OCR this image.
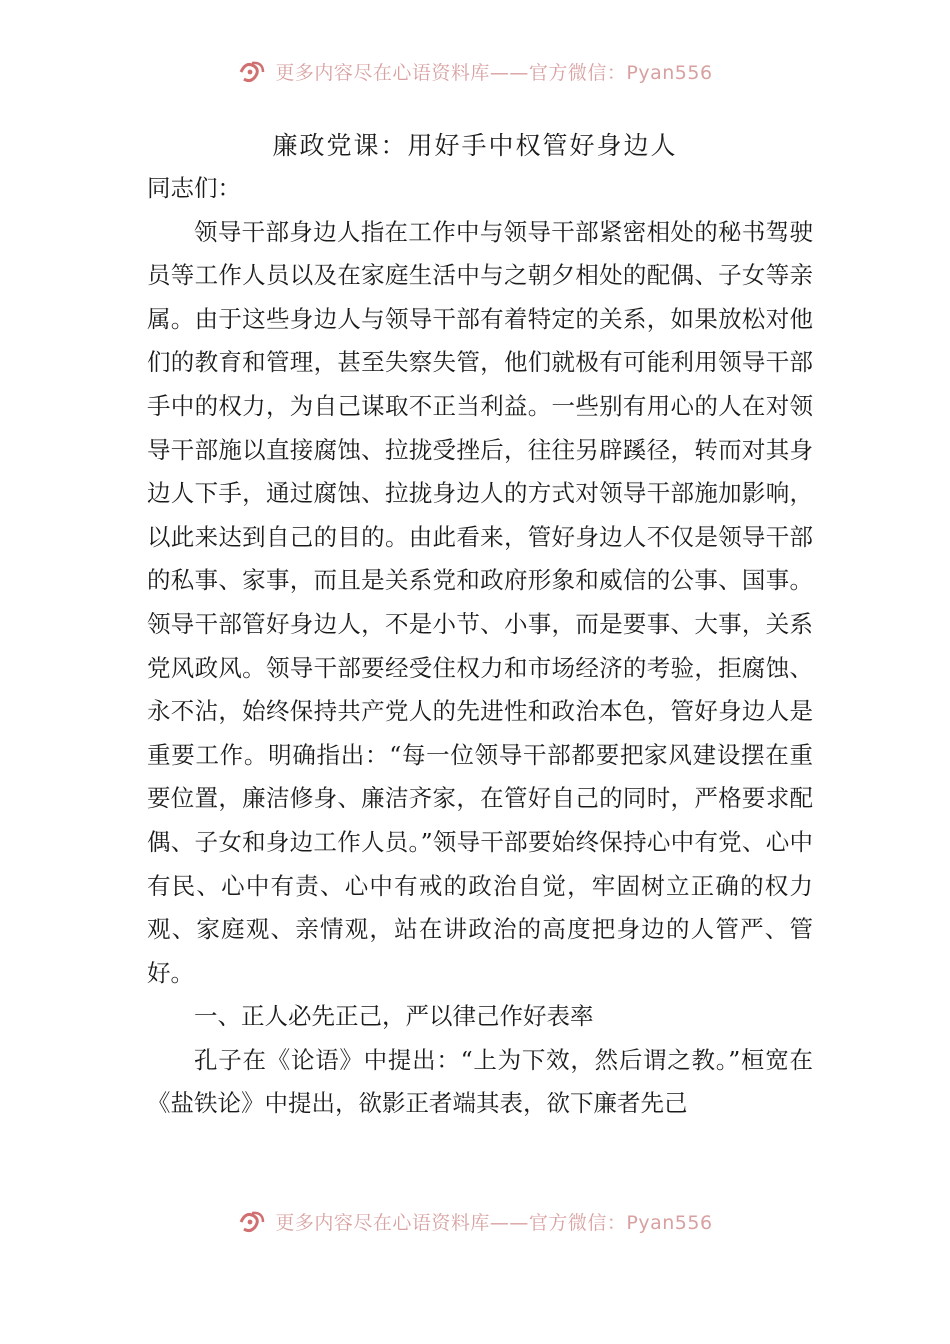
更多内容尽在心语资料库——官方微信：Pyan556
廉政党课：用好手中权管好身边人

同志们：

领导干部身边人指在工作中与领导干部紧密相处的秘书驾驶员等工作人员以及在家庭生活中与之朝夕相处的配偶、子女等亲属。由于这些身边人与领导干部有着特定的关系，如果放松对他们的教育和管理，甚至失察失管，他们就极有可能利用领导干部手中的权力，为自己谋取不正当利益。一些别有用心的人在对领导干部施以直接腐蚀、拉拢受挫后，往往另辟蹊径，转而对其身边人下手，通过腐蚀、拉拢身边人的方式对领导干部施加影响，以此来达到自己的目的。由此看来，管好身边人不仅是领导干部的私事、家事，而且是关系党和政府形象和威信的公事、国事。领导干部管好身边人，不是小节、小事，而是要事、大事，关系党风政风。领导干部要经受住权力和市场经济的考验，拒腐蚀、永不沾，始终保持共产党人的先进性和政治本色，管好身边人是重要工作。明确指出：“每一位领导干部都要把家风建设摆在重要位置，廉洁修身、廉洁齐家，在管好自己的同时，严格要求配偶、子女和身边工作人员。”领导干部要始终保持心中有党、心中有民、心中有责、心中有戒的政治自觉，牢固树立正确的权力观、家庭观、亲情观，站在讲政治的高度把身边的人管严、管好。

一、正人必先正己，严以律己作好表率

孔子在《论语》中提出：“上为下效，然后谓之教。”桓宽在《盐铁论》中提出，欲影正者端其表，欲下廉者先己

更多内容尽在心语资料库——官方微信：Pyan556
